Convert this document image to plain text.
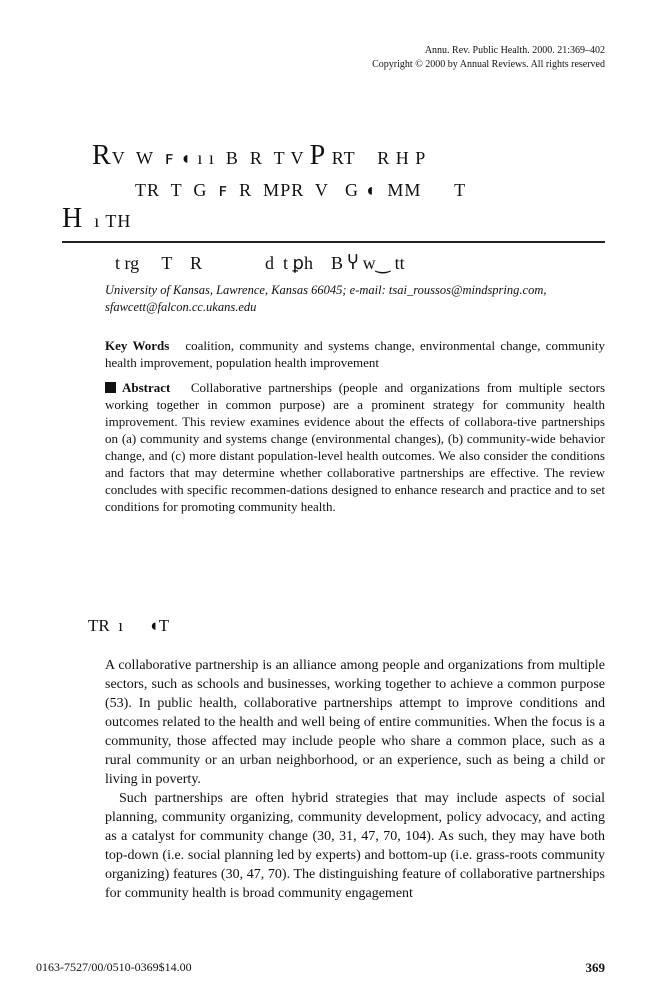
Annu. Rev. Public Health. 2000. 21:369–402
Copyright © 2000 by Annual Reviews. All rights reserved
RV  W  ꜰ ◖ ı ı  B  R  T V P RT    R H P
TR  T  G  ꜰ  R  MPR  V   G ◖  MM      T
H  ı TH
t rg     T    R              d  t ꝑh    B Ⴤ w‿ tt
University of Kansas, Lawrence, Kansas 66045; e-mail: tsai_roussos@mindspring.com,
sfawcett@falcon.cc.ukans.edu
Key Words coalition, community and systems change, environmental change, community health improvement, population health improvement
Abstract Collaborative partnerships (people and organizations from multiple sectors working together in common purpose) are a prominent strategy for community health improvement. This review examines evidence about the effects of collabora-tive partnerships on (a) community and systems change (environmental changes), (b) community-wide behavior change, and (c) more distant population-level health outcomes. We also consider the conditions and factors that may determine whether collaborative partnerships are effective. The review concludes with specific recommen-dations designed to enhance research and practice and to set conditions for promoting community health.
TR  ı      ◖T
A collaborative partnership is an alliance among people and organizations from multiple sectors, such as schools and businesses, working together to achieve a common purpose (53). In public health, collaborative partnerships attempt to improve conditions and outcomes related to the health and well being of entire communities. When the focus is a community, those affected may include people who share a common place, such as a rural community or an urban neighborhood, or an experience, such as being a child or living in poverty.
Such partnerships are often hybrid strategies that may include aspects of social planning, community organizing, community development, policy advocacy, and acting as a catalyst for community change (30, 31, 47, 70, 104). As such, they may have both top-down (i.e. social planning led by experts) and bottom-up (i.e. grass-roots community organizing) features (30, 47, 70). The distinguishing feature of collaborative partnerships for community health is broad community engagement
0163-7527/00/0510-0369$14.00	369
